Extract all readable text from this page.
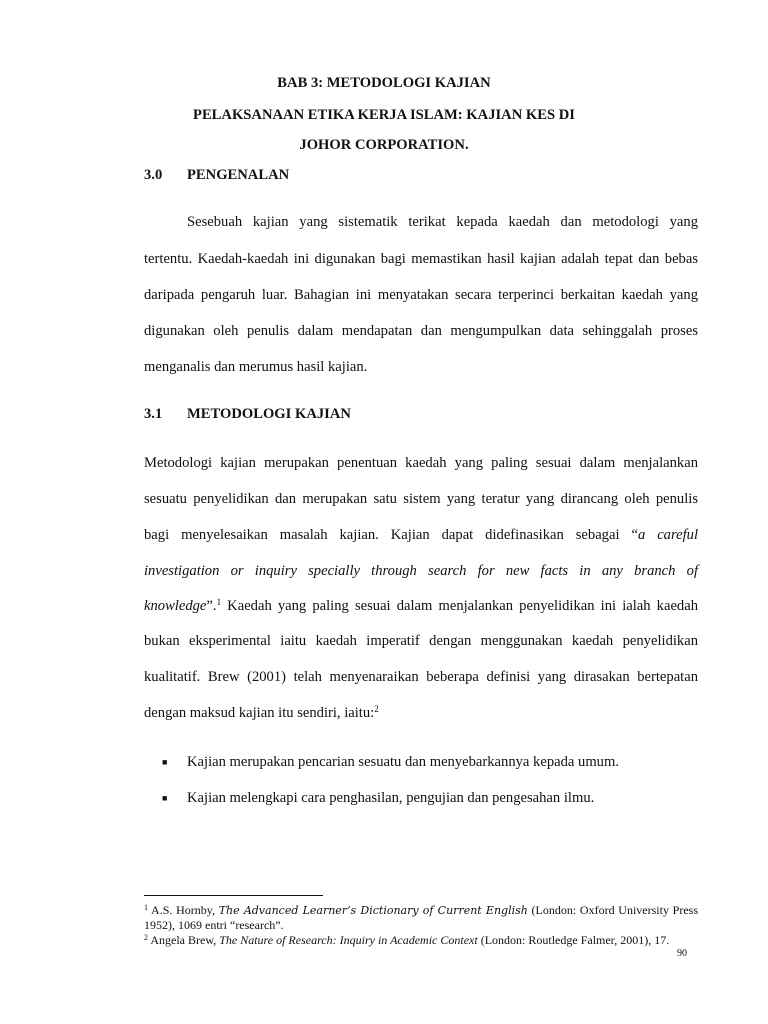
BAB 3: METODOLOGI KAJIAN
PELAKSANAAN ETIKA KERJA ISLAM: KAJIAN KES DI
JOHOR CORPORATION.
3.0 PENGENALAN
Sesebuah kajian yang sistematik terikat kepada kaedah dan metodologi yang
tertentu. Kaedah-kaedah ini digunakan bagi memastikan hasil kajian adalah tepat dan bebas
daripada pengaruh luar. Bahagian ini menyatakan secara terperinci berkaitan kaedah yang
digunakan oleh penulis dalam mendapatan dan mengumpulkan data sehinggalah proses
menganalis dan merumus hasil kajian.
3.1 METODOLOGI KAJIAN
Metodologi kajian merupakan penentuan kaedah yang paling sesuai dalam menjalankan
sesuatu penyelidikan dan merupakan satu sistem yang teratur yang dirancang oleh penulis
bagi menyelesaikan masalah kajian. Kajian dapat didefinasikan sebagai “a careful
investigation or inquiry specially through search for new facts in any branch of
knowledge”.$^1$ Kaedah yang paling sesuai dalam menjalankan penyelidikan ini ialah kaedah
bukan eksperimental iaitu kaedah imperatif dengan menggunakan kaedah penyelidikan
kualitatif. Brew (2001) telah menyenaraikan beberapa definisi yang dirasakan bertepatan
dengan maksud kajian itu sendiri, iaitu:$^2$
■ Kajian merupakan pencarian sesuatu dan menyebarkannya kepada umum.
■ Kajian melengkapi cara penghasilan, pengujian dan pengesahan ilmu.
$^1$ A.S. Hornby, The Advanced Learner’s Dictionary of Current English (London: Oxford University Press
1952), 1069 entri “research”.
$^2$ Angela Brew, The Nature of Research: Inquiry in Academic Context (London: Routledge Falmer, 2001), 17.
90
